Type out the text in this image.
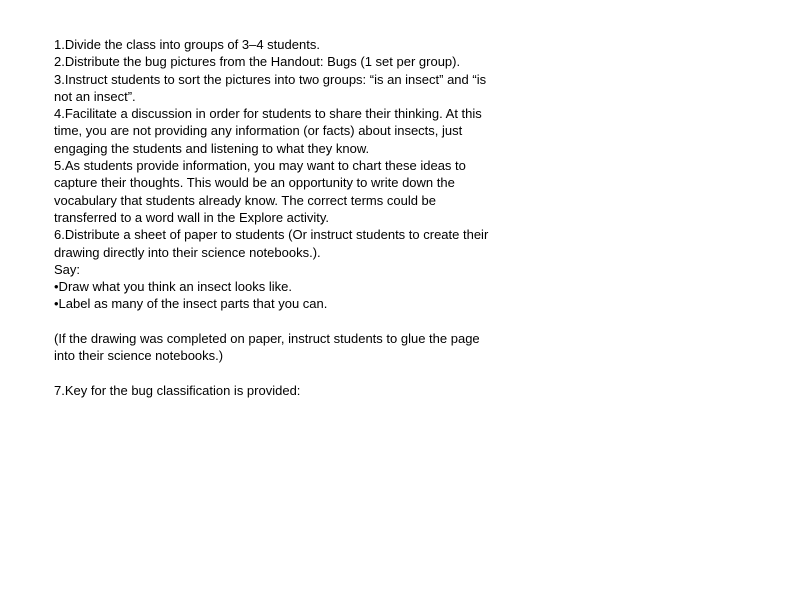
1.Divide the class into groups of 3–4 students.
2.Distribute the bug pictures from the Handout: Bugs (1 set per group).
3.Instruct students to sort the pictures into two groups: “is an insect” and “is
not an insect”.
4.Facilitate a discussion in order for students to share their thinking. At this
time, you are not providing any information (or facts) about insects, just
engaging the students and listening to what they know.
5.As students provide information, you may want to chart these ideas to
capture their thoughts. This would be an opportunity to write down the
vocabulary that students already know. The correct terms could be
transferred to a word wall in the Explore activity.
6.Distribute a sheet of paper to students (Or instruct students to create their
drawing directly into their science notebooks.).
Say:
•Draw what you think an insect looks like.
•Label as many of the insect parts that you can.
(If the drawing was completed on paper, instruct students to glue the page
into their science notebooks.)
7.Key for the bug classification is provided:
